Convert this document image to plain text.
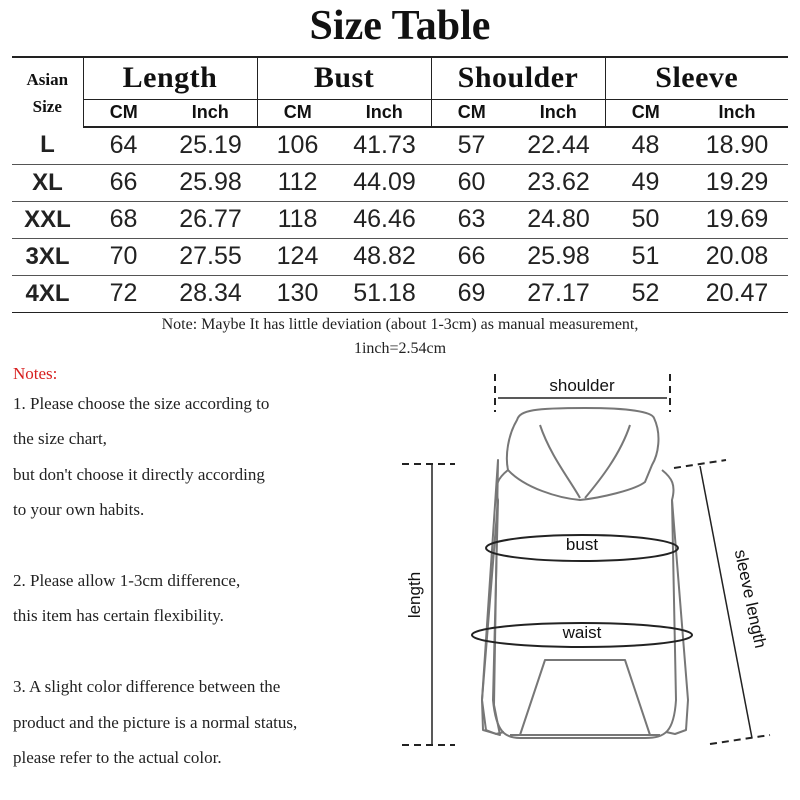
Size Table
Asian
Size	Length		Bust		Shoulder		Sleeve	
	CM	Inch	CM	Inch	CM	Inch	CM	Inch
L	64	25.19	106	41.73	57	22.44	48	18.90
XL	66	25.98	112	44.09	60	23.62	49	19.29
XXL	68	26.77	118	46.46	63	24.80	50	19.69
3XL	70	27.55	124	48.82	66	25.98	51	20.08
4XL	72	28.34	130	51.18	69	27.17	52	20.47
Note: Maybe It has little deviation (about 1-3cm) as manual measurement,
1inch=2.54cm
Notes:
1. Please choose the size according to
the size chart,
but don't choose it directly according
to your own habits.
2. Please allow 1-3cm difference,
this item has certain flexibility.
3. A slight color difference between the
product and the picture is a normal status,
please refer to the actual color.
shoulder
length
bust
waist	sleeve length
